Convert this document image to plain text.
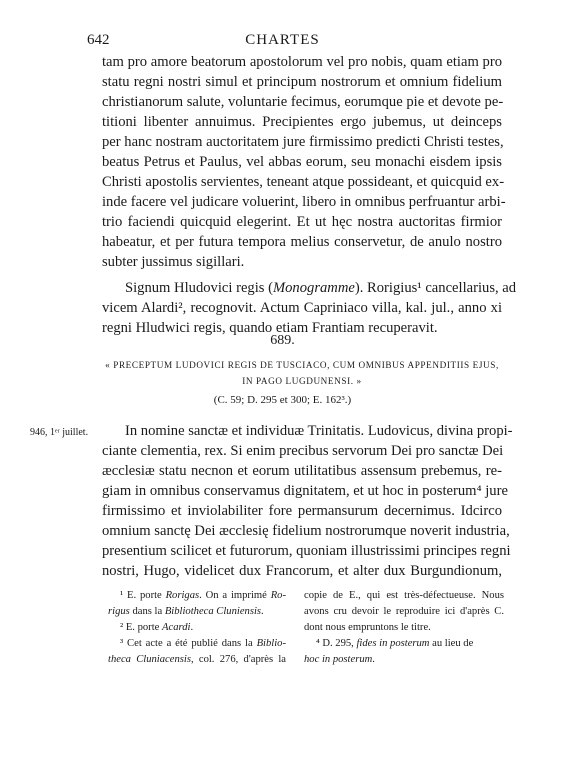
642	CHARTES
tam pro amore beatorum apostolorum vel pro nobis, quam etiam pro
statu regni nostri simul et principum nostrorum et omnium fidelium
christianorum salute, voluntarie fecimus, eorumque pie et devote pe-
titioni libenter annuimus. Precipientes ergo jubemus, ut deinceps
per hanc nostram auctoritatem jure firmissimo predicti Christi testes,
beatus Petrus et Paulus, vel abbas eorum, seu monachi eisdem ipsis
Christi apostolis servientes, teneant atque possideant, et quicquid ex-
inde facere vel judicare voluerint, libero in omnibus perfruantur arbi-
trio faciendi quicquid elegerint. Et ut hęc nostra auctoritas firmior
habeatur, et per futura tempora melius conservetur, de anulo nostro
subter jussimus sigillari.
Signum Hludovici regis (Monogramme). Rorigius¹ cancellarius, ad
vicem Alardi², recognovit. Actum Capriniaco villa, kal. jul., anno xi
regni Hludwici regis, quando etiam Frantiam recuperavit.
689.
« PRECEPTUM LUDOVICI REGIS DE TUSCIACO, CUM OMNIBUS APPENDITIIS EJUS,
IN PAGO LUGDUNENSI. »
(C. 59; D. 295 et 300; E. 162³.)
946, 1ᵉʳ juillet.	In nomine sanctæ et individuæ Trinitatis. Ludovicus, divina propi-
ciante clementia, rex. Si enim precibus servorum Dei pro sanctæ Dei
æcclesiæ statu necnon et eorum utilitatibus assensum prebemus, re-
giam in omnibus conservamus dignitatem, et ut hoc in posterum⁴ jure
firmissimo et inviolabiliter fore permansurum decernimus. Idcirco
omnium sanctę Dei æcclesię fidelium nostrorumque noverit industria,
presentium scilicet et futurorum, quoniam illustrissimi principes regni
nostri, Hugo, videlicet dux Francorum, et alter dux Burgundionum,
¹ E. porte Rorigas. On a imprimé Ro-
rigus dans la Bibliotheca Cluniensis.
² E. porte Acardi.
³ Cet acte a été publié dans la Biblio-
theca Cluniacensis, col. 276, d'après la
copie de E., qui est très-défectueuse. Nous
avons cru devoir le reproduire ici d'après C.
dont nous empruntons le titre.
⁴ D. 295, fides in posterum au lieu de
hoc in posterum.
